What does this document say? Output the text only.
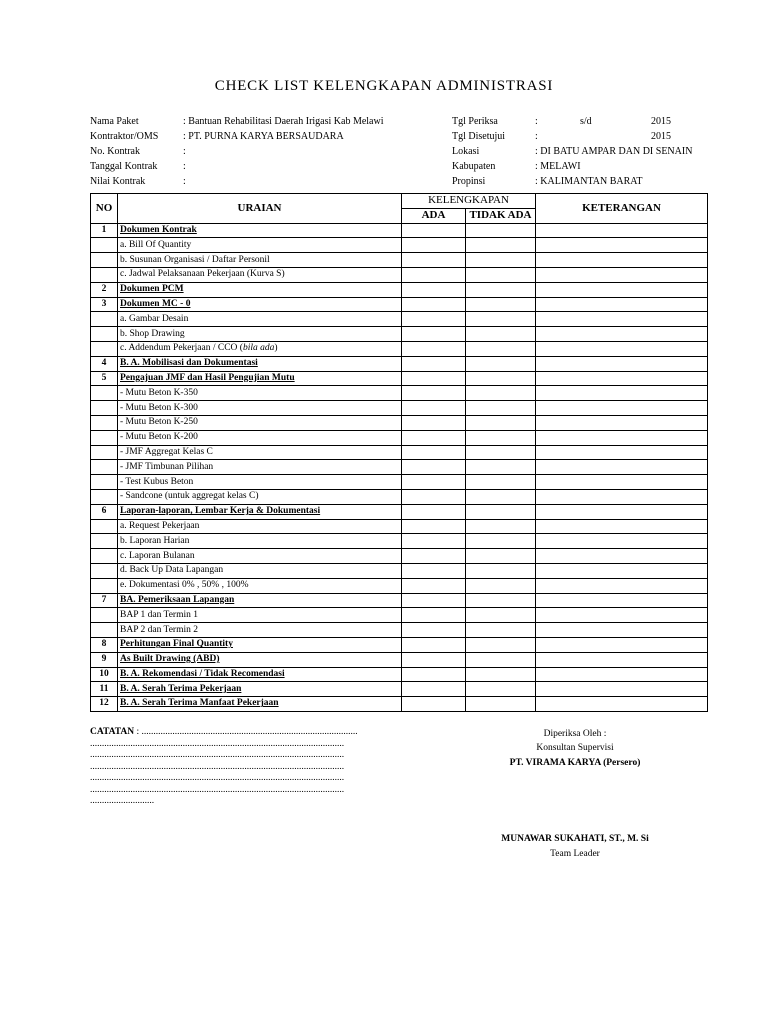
CHECK LIST KELENGKAPAN ADMINISTRASI
Nama Paket	: Bantuan Rehabilitasi Daerah Irigasi Kab Melawi
Kontraktor/OMS : PT. PURNA KARYA BERSAUDARA
No. Kontrak	:
Tanggal Kontrak	:
Nilai Kontrak	:
Tgl Periksa	:	s/d	2015
Tgl Disetujui	:	2015
Lokasi	: DI BATU AMPAR DAN DI SENAIN
Kabupaten	: MELAWI
Propinsi	: KALIMANTAN BARAT
NO	URAIAN	KELENGKAPAN		KETERANGAN
		ADA	TIDAK ADA	
1	Dokumen Kontrak			
	a. Bill Of Quantity			
	b. Susunan Organisasi / Daftar Personil			
	c. Jadwal Pelaksanaan Pekerjaan (Kurva S)			
2	Dokumen PCM			
3	Dokumen MC - 0			
	a. Gambar Desain			
	b. Shop Drawing			
	c. Addendum Pekerjaan / CCO (bila ada)			
4	B. A. Mobilisasi dan Dokumentasi			
5	Pengajuan JMF dan Hasil Pengujian Mutu			
	- Mutu Beton K-350			
	- Mutu Beton K-300			
	- Mutu Beton K-250			
	- Mutu Beton K-200			
	- JMF Aggregat Kelas C			
	- JMF Timbunan Pilihan			
	- Test Kubus Beton			
	- Sandcone (untuk aggregat kelas C)			
6	Laporan-laporan, Lembar Kerja & Dokumentasi			
	a. Request Pekerjaan			
	b. Laporan Harian			
	c. Laporan Bulanan			
	d. Back Up Data Lapangan			
	e. Dokumentasi 0% , 50% , 100%			
7	BA. Pemeriksaan Lapangan			
	BAP 1 dan Termin 1			
	BAP 2 dan Termin 2			
8	Perhitungan Final Quantity			
9	As Built Drawing (ABD)			
10	B. A. Rekomendasi / Tidak Recomendasi			
11	B. A. Serah Terima Pekerjaan			
12	B. A. Serah Terima Manfaat Pekerjaan			
CATATAN : ...........................................................................................
...........................................................................................................
...........................................................................................................
...........................................................................................................
...........................................................................................................
...........................................................................................................
...........................
Diperiksa Oleh :
Konsultan Supervisi
PT. VIRAMA KARYA (Persero)
MUNAWAR SUKAHATI, ST., M. Si
Team Leader
